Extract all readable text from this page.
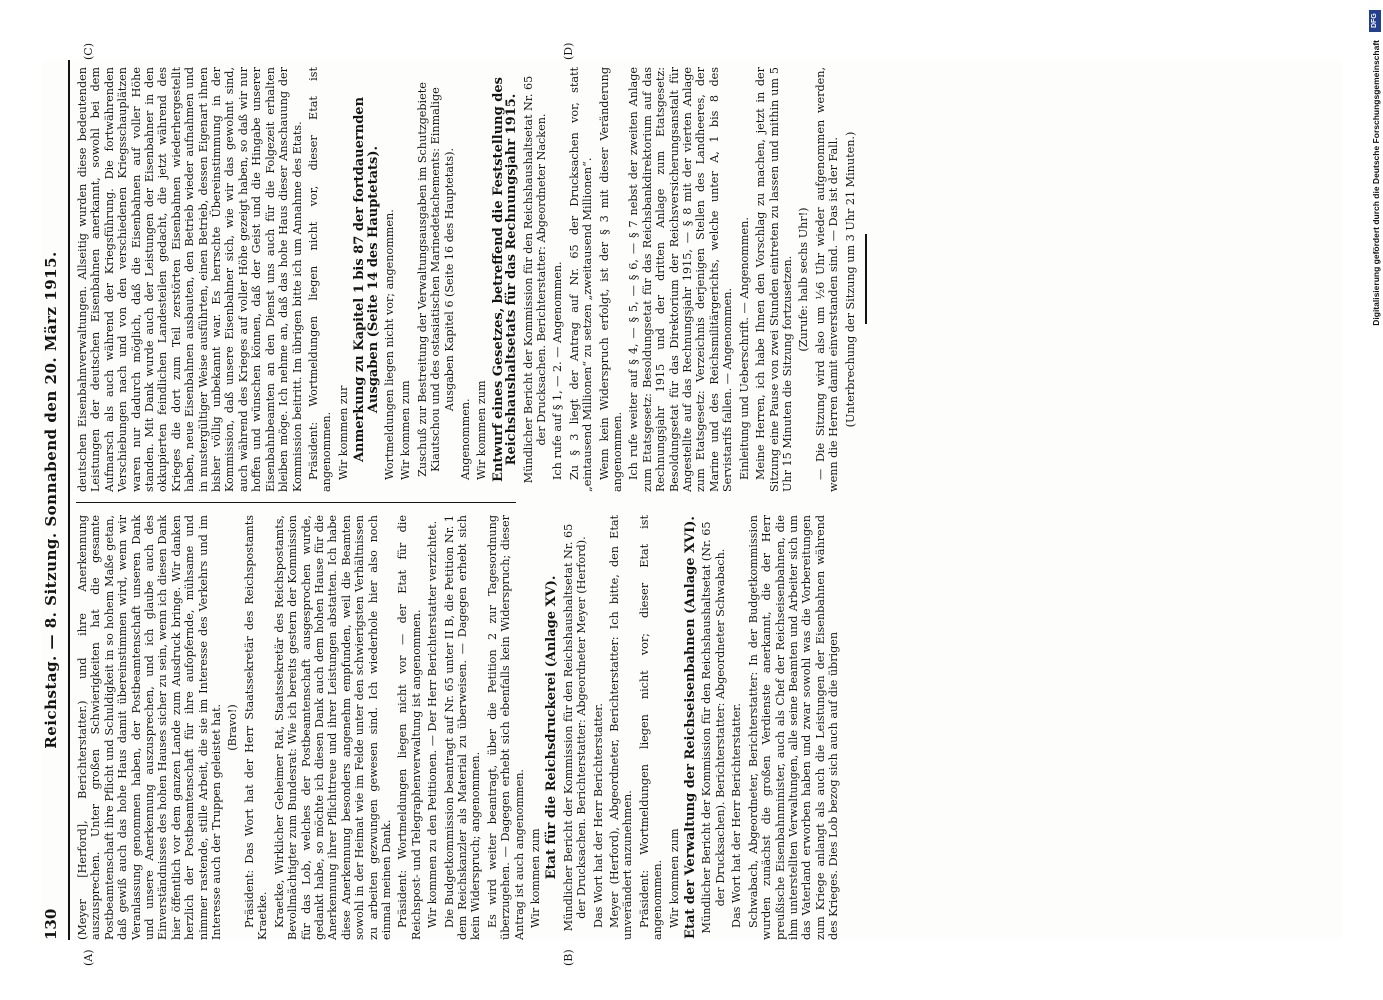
130
Reichstag. — 8. Sitzung. Sonnabend den 20. März 1915.
(A)	(B)
(C)	(D)

(Meyer [Herford], Berichterstatter.) und ihre Anerkennung auszusprechen. Unter großen Schwierigkeiten hat die gesamte Postbeamtenschaft ihre Pflicht und Schuldigkeit in so hohem Maße getan, daß gewiß auch das hohe Haus damit übereinstimmen wird, wenn wir Veranlassung genommen haben, der Postbeamtenschaft unseren Dank und unsere Anerkennung auszusprechen, und ich glaube auch des Einverständnisses des hohen Hauses sicher zu sein, wenn ich diesen Dank hier öffentlich vor dem ganzen Lande zum Ausdruck bringe. Wir danken herzlich der Postbeamtenschaft für ihre aufopfernde, mühsame und nimmer rastende, stille Arbeit, die sie im Interesse des Verkehrs und im Interesse auch der Truppen geleistet hat. (Bravo!) Präsident: Das Wort hat der Herr Staatssekretär des Reichspostamts Kraetke. Kraetke, Wirklicher Geheimer Rat, Staatssekretär des Reichspostamts, Bevollmächtigter zum Bundesrat: Wie ich bereits gestern der Kommission für das Lob, welches der Postbeamtenschaft ausgesprochen wurde, gedankt habe, so möchte ich diesen Dank auch dem hohen Hause für die Anerkennung ihrer Pflichttreue und ihrer Leistungen abstatten. Ich habe diese Anerkennung besonders angenehm empfunden, weil die Beamten sowohl in der Heimat wie im Felde unter den schwierigsten Verhältnissen zu arbeiten gezwungen gewesen sind. Ich wiederhole hier also noch einmal meinen Dank. Präsident: Wortmeldungen liegen nicht vor — der Etat für die Reichspost- und Telegraphenverwaltung ist angenommen. Wir kommen zu den Petitionen. — Der Herr Berichterstatter verzichtet. Die Budgetkommission beantragt auf Nr. 65 unter II B, die Petition Nr. 1 dem Reichskanzler als Material zu überweisen. — Dagegen erhebt sich kein Widerspruch; angenommen. Es wird weiter beantragt, über die Petition 2 zur Tagesordnung überzugehen. — Dagegen erhebt sich ebenfalls kein Widerspruch; dieser Antrag ist auch angenommen. Wir kommen zum Etat für die Reichsdruckerei (Anlage XV). Mündlicher Bericht der Kommission für den Reichshaushaltsetat Nr. 65 der Drucksachen. Berichterstatter: Abgeordneter Meyer (Herford). Das Wort hat der Herr Berichterstatter. Meyer (Herford), Abgeordneter, Berichterstatter: Ich bitte, den Etat unverändert anzunehmen. Präsident: Wortmeldungen liegen nicht vor; dieser Etat ist angenommen. Wir kommen zum Etat der Verwaltung der Reichseisenbahnen (Anlage XVI). Mündlicher Bericht der Kommission für den Reichshaushaltsetat (Nr. 65 der Drucksachen). Berichterstatter: Abgeordneter Schwabach. Das Wort hat der Herr Berichterstatter. Schwabach, Abgeordneter, Berichterstatter: In der Budgetkommission wurden zunächst die großen Verdienste anerkannt, die der Herr preußische Eisenbahnminister, auch als Chef der Reichseisenbahnen, die ihm unterstellten Verwaltungen, alle seine Beamten und Arbeiter sich um das Vaterland erworben haben und zwar sowohl was die Vorbereitungen zum Kriege anlangt als auch die Leistungen der Eisenbahnen während des Krieges. Dies Lob bezog sich auch auf die übrigen

deutschen Eisenbahnverwaltungen. Allseitig wurden diese bedeutenden Leistungen der deutschen Eisenbahnen anerkannt, sowohl bei dem Aufmarsch als auch während der Kriegsführung. Die fortwährenden Verschiebungen nach und von den verschiedenen Kriegsschauplätzen waren nur dadurch möglich, daß die Eisenbahnen auf voller Höhe standen. Mit Dank wurde auch der Leistungen der Eisenbahner in den okkupierten feindlichen Landesteilen gedacht, die jetzt während des Krieges die dort zum Teil zerstörten Eisenbahnen wiederhergestellt haben, neue Eisenbahnen ausbauten, den Betrieb wieder aufnahmen und in mustergültiger Weise ausführten, einen Betrieb, dessen Eigenart ihnen bisher völlig unbekannt war. Es herrschte Übereinstimmung in der Kommission, daß unsere Eisenbahner sich, wie wir das gewohnt sind, auch während des Krieges auf voller Höhe gezeigt haben, so daß wir nur hoffen und wünschen können, daß der Geist und die Hingabe unserer Eisenbahnbeamten an den Dienst uns auch für die Folgezeit erhalten bleiben möge. Ich nehme an, daß das hohe Haus dieser Anschauung der Kommission beitritt. Im übrigen bitte ich um Annahme des Etats. Präsident: Wortmeldungen liegen nicht vor, dieser Etat ist angenommen. Wir kommen zur Anmerkung zu Kapitel 1 bis 87 der fortdauernden Ausgaben (Seite 14 des Hauptetats). Wortmeldungen liegen nicht vor; angenommen. Wir kommen zum Zuschuß zur Bestreitung der Verwaltungsausgaben im Schutzgebiete Kiautschou und des ostasiatischen Marinedetachements: Einmalige Ausgaben Kapitel 6 (Seite 16 des Hauptetats).

Angenommen. Wir kommen zum Entwurf eines Gesetzes, betreffend die Feststellung des Reichshaushaltsetats für das Rechnungsjahr 1915. Mündlicher Bericht der Kommission für den Reichshaushaltsetat Nr. 65 der Drucksachen. Berichterstatter: Abgeordneter Nacken. Ich rufe auf § 1, — 2. — Angenommen. Zu § 3 liegt der Antrag auf Nr. 65 der Drucksachen vor, statt „eintausend Millionen“ zu setzen „zweitausend Millionen“. Wenn kein Widerspruch erfolgt, ist der § 3 mit dieser Veränderung angenommen. Ich rufe weiter auf § 4, — § 5, — § 6, — § 7 nebst der zweiten Anlage zum Etatsgesetz: Besoldungsetat für das Reichsbankdirektorium auf das Rechnungsjahr 1915 und der dritten Anlage zum Etatsgesetz: Besoldungsetat für das Direktorium der Reichsversicherungsanstalt für Angestellte auf das Rechnungsjahr 1915, — § 8 mit der vierten Anlage zum Etatsgesetz: Verzeichnis derjenigen Stellen des Landheeres, der Marine und des Reichsmilitärgerichts, welche unter A, 1 bis 8 des Servistarifs fallen. — Angenommen. Einleitung und Ueberschrift. — Angenommen. Meine Herren, ich habe Ihnen den Vorschlag zu machen, jetzt in der Sitzung eine Pause von zwei Stunden eintreten zu lassen und mithin um 5 Uhr 15 Minuten die Sitzung fortzusetzen. (Zurufe: halb sechs Uhr!) — Die Sitzung wird also um ½6 Uhr wieder aufgenommen werden, wenn die Herren damit einverstanden sind. — Das ist der Fall. (Unterbrechung der Sitzung um 3 Uhr 21 Minuten.)

DFG
Digitalisierung gefördert durch die Deutsche Forschungsgemeinschaft
